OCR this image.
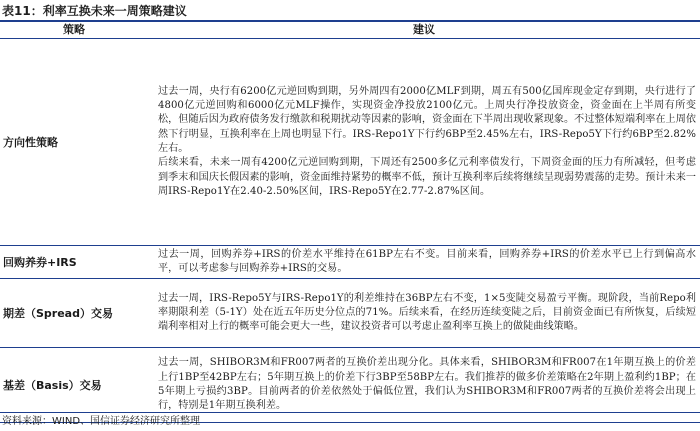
表11：利率互换未来一周策略建议
策略	建议
方向性策略	过去一周，央行有6200亿元逆回购到期，另外周四有2000亿MLF到期，周五有500亿国库现金定存到期，央行进行了4800亿元逆回购和6000亿元MLF操作，实现资金净投放2100亿元。上周央行净投放资金，资金面在上半周有所变松，但随后因为政府债务发行缴款和税期扰动等因素的影响，资金面在下半周出现收紧现象。不过整体短端利率在上周依然下行明显，互换利率在上周也明显下行。IRS-Repo1Y下行约6BP至2.45%左右，IRS-Repo5Y下行约6BP至2.82%左右。

后续来看，未来一周有4200亿元逆回购到期，下周还有2500多亿元利率债发行，下周资金面的压力有所减轻，但考虑到季末和国庆长假因素的影响，资金面维持紧势的概率不低，预计互换利率后续将继续呈现弱势震荡的走势。预计未来一周IRS-Repo1Y在2.40-2.50%区间，IRS-Repo5Y在2.77-2.87%区间。

回购养券+IRS	过去一周，回购养券+IRS的价差水平维持在61BP左右不变。目前来看，回购养券+IRS的价差水平已上行到偏高水平，可以考虑参与回购养券+IRS的交易。

期差（Spread）交易	过去一周，IRS-Repo5Y与IRS-Repo1Y的利差维持在36BP左右不变，1×5变陡交易盈亏平衡。现阶段，当前Repo利率期限利差（5-1Y）处在近五年历史分位点的71%。后续来看，在经历连续变陡之后，目前资金面已有所恢复，后续短端利率相对上行的概率可能会更大一些，建议投资者可以考虑止盈利率互换上的做陡曲线策略。

基差（Basis）交易	过去一周，SHIBOR3M和FR007两者的互换价差出现分化。具体来看，SHIBOR3M和FR007在1年期互换上的价差上行1BP至42BP左右；5年期互换上的价差下行3BP至58BP左右。我们推荐的做多价差策略在2年期上盈利约1BP；在5年期上亏损约3BP。目前两者的价差依然处于偏低位置，我们认为SHIBOR3M和FR007两者的互换价差将会出现上行，特别是1年期互换利差。

资料来源：WIND、国信证券经济研究所整理
